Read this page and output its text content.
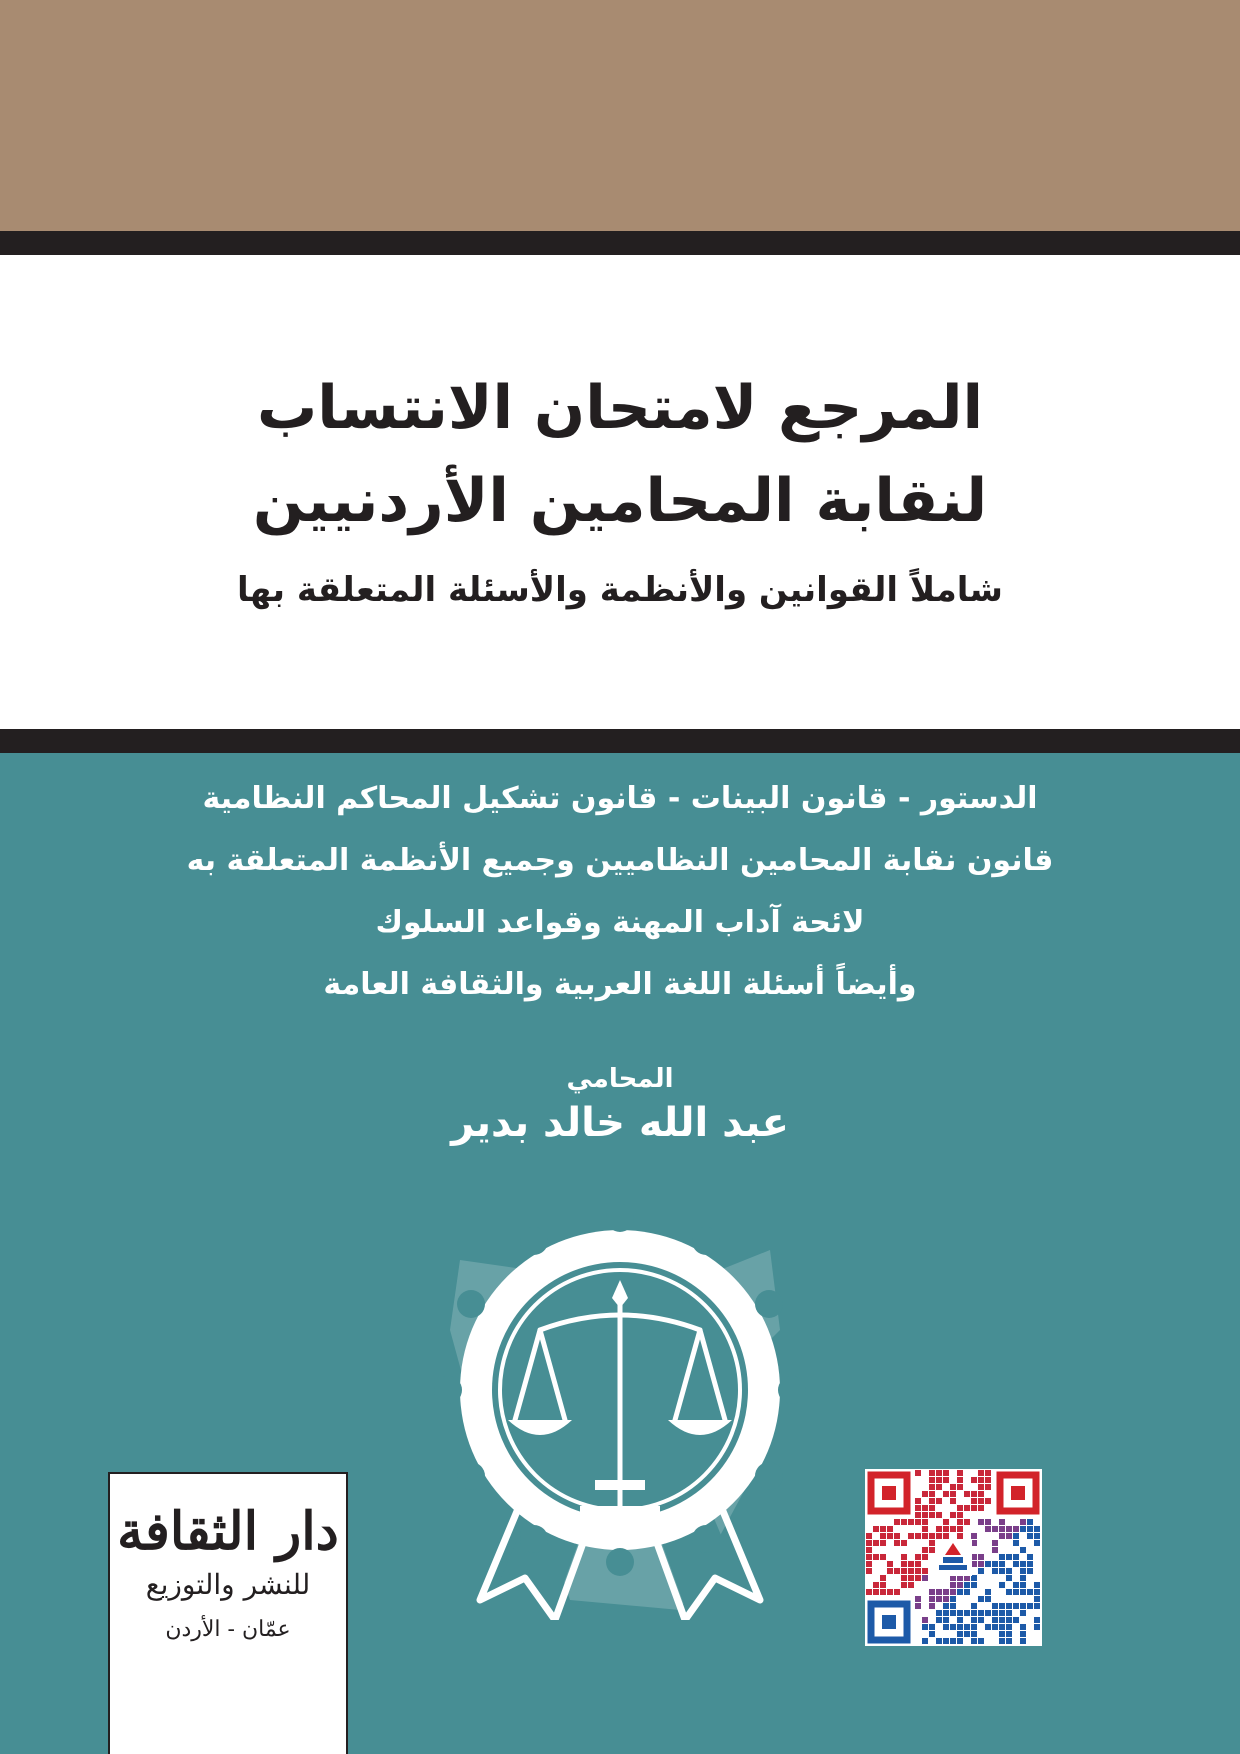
المرجع لامتحان الانتساب
لنقابة المحامين الأردنيين
شاملاً القوانين والأنظمة والأسئلة المتعلقة بها
الدستور - قانون البينات - قانون تشكيل المحاكم النظامية
قانون نقابة المحامين النظاميين وجميع الأنظمة المتعلقة به
لائحة آداب المهنة وقواعد السلوك
وأيضاً أسئلة اللغة العربية والثقافة العامة
المحامي
عبد الله خالد بدير
دار الثقافة
للنشر والتوزيع
عمّان - الأردن
